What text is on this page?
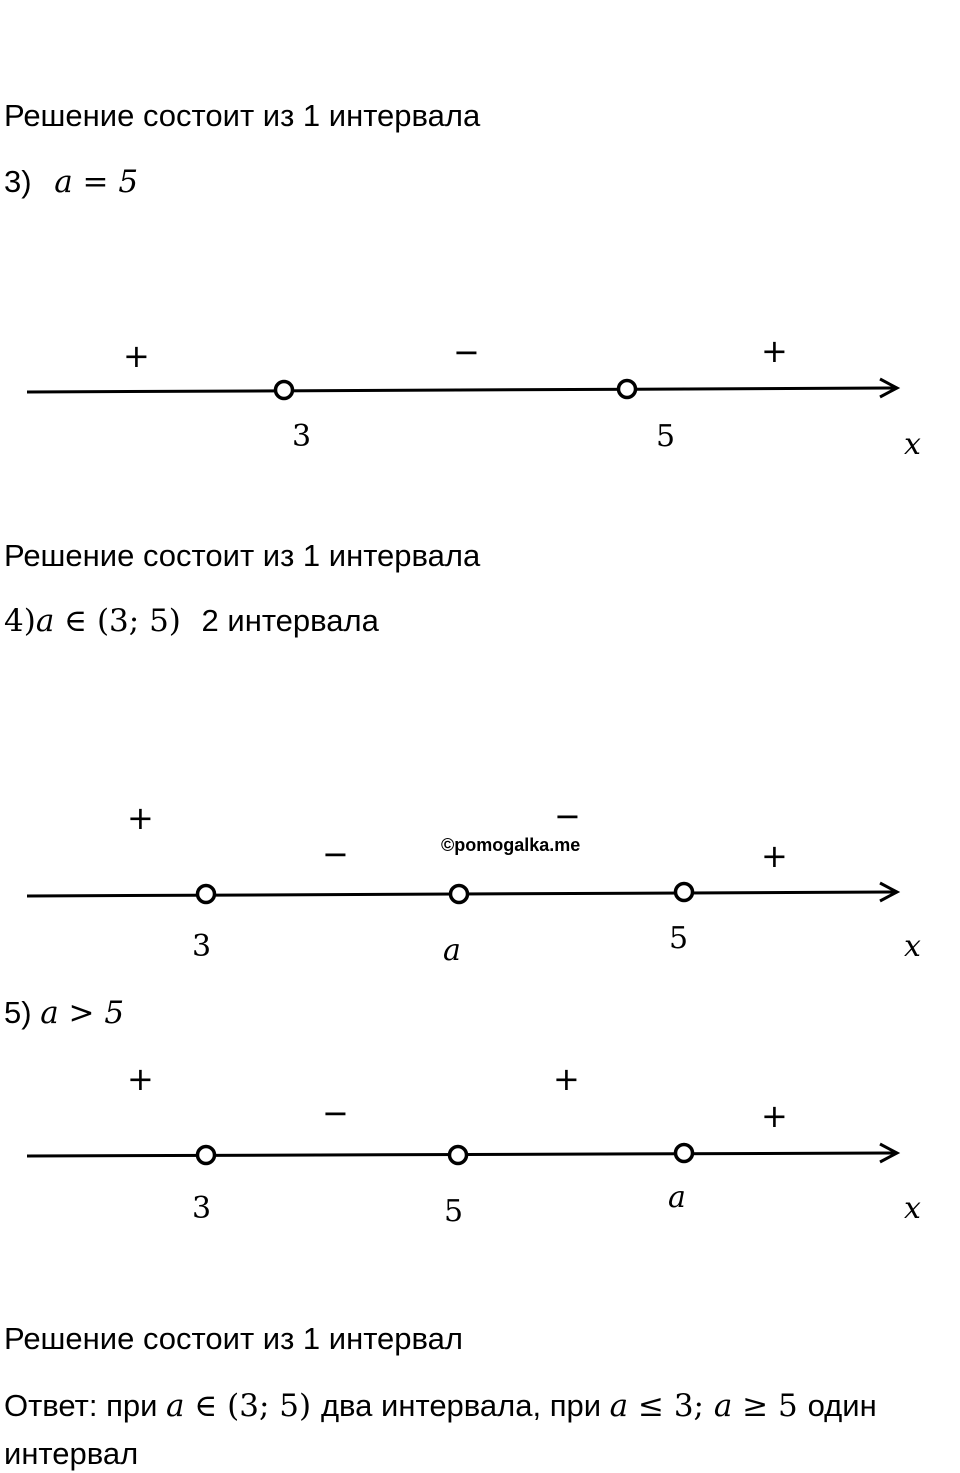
Решение состоит из 1 интервала
3) a = 5
+	−	+
3	5	x
Решение состоит из 1 интервала
4)a ∈ (3; 5) 2 интервала
+
−
−
+
©pomogalka.me
3	a	5	x
5) a > 5
+
−
+
+
3	5	a	x
Решение состоит из 1 интервал
Ответ: при a ∈ (3; 5) два интервала, при a ≤ 3; a ≥ 5 один
интервал
